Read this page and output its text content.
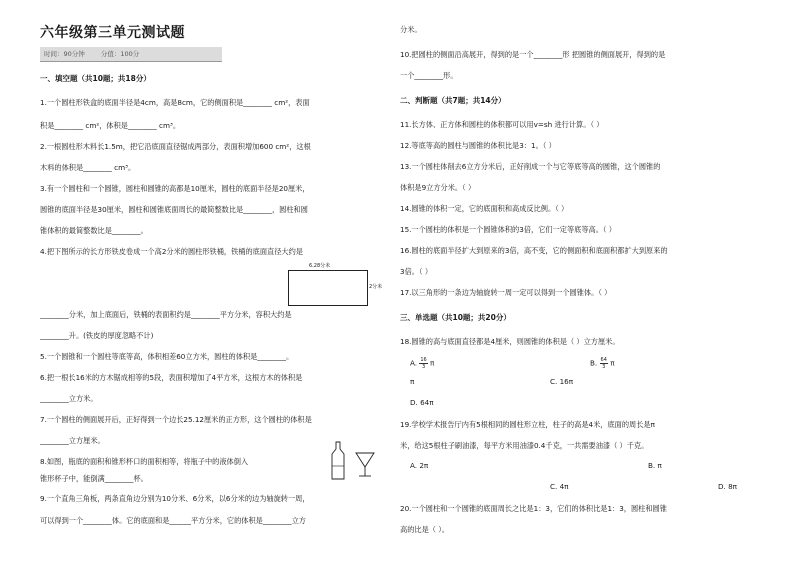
六年级第三单元测试题
时间：90分钟 分值：100分
一、填空题（共10题；共18分）
1.一个圆柱形铁盒的底面半径是4cm，高是8cm，它的侧面积是________ cm²，表面
积是________ cm²，体积是________ cm³。
2.一根圆柱形木料长1.5m，把它沿底面直径锯成两部分，表面积增加600 cm²，这根
木料的体积是________ cm³。
3.有一个圆柱和一个圆锥，圆柱和圆锥的高都是10厘米，圆柱的底面半径是20厘米，
圆锥的底面半径是30厘米，圆柱和圆锥底面周长的最简整数比是________，圆柱和圆
锥体积的最简整数比是________。
4.把下图所示的长方形铁皮卷成一个高2分米的圆柱形铁桶，铁桶的底面直径大约是
6.28分米
2分米
________分米，加上底面后，铁桶的表面积约是________平方分米，容积大约是
________升。(铁皮的厚度忽略不计)
5.一个圆锥和一个圆柱等底等高，体积相差60立方米，圆柱的体积是________。
6.把一根长16米的方木锯成相等的5段，表面积增加了4平方米，这根方木的体积是
________立方米。
7.一个圆柱的侧面展开后，正好得到一个边长25.12厘米的正方形，这个圆柱的体积是
________立方厘米。
8.如图，瓶底的面积和锥形杯口的面积相等，将瓶子中的液体倒入
锥形杯子中，能倒满________杯。
9.一个直角三角板，两条直角边分别为10分米、6分米，以6分米的边为轴旋转一周，
可以得到一个________体。它的底面和是______平方分米，它的体积是________立方
分米。
10.把圆柱的侧面沿高展开，得到的是一个________形 把圆锥的侧面展开，得到的是
一个________形。
二、判断题（共7题；共14分）
11.长方体、正方体和圆柱的体积都可以用v=sh 进行计算。（ ）
12.等底等高的圆柱与圆锥的体积比是3：1。（ ）
13.一个圆柱体削去6立方分米后，正好削成一个与它等底等高的圆锥，这个圆锥的
体积是9立方分米。（ ）
14.圆锥的体积一定，它的底面积和高成反比例。（ ）
15.一个圆柱的体积是一个圆锥体积的3倍，它们一定等底等高。（ ）
16.圆柱的底面半径扩大到原来的3倍，高不变，它的侧面积和底面积都扩大到原来的
3倍。（ ）
17.以三角形的一条边为轴旋转一周一定可以得到一个圆锥体。（ ）
三、单选题（共10题；共20分）
18.圆锥的高与底面直径都是4厘米，则圆锥的体积是（ ）立方厘米。
A. $\frac{16}{3}$ π	B. $\frac{64}{3}$ π
π	C. 16π
D. 64π
19.学校学术报告厅内有5根相同的圆柱形立柱，柱子的高是4米，底面的周长是π
米，给这5根柱子刷油漆，每平方米用油漆0.4千克，一共需要油漆（ ）千克。
A. 2π	B. π
C. 4π	D. 8π
20.一个圆柱和一个圆锥的底面周长之比是1：3，它们的体积比是1：3，圆柱和圆锥
高的比是（ ）。
